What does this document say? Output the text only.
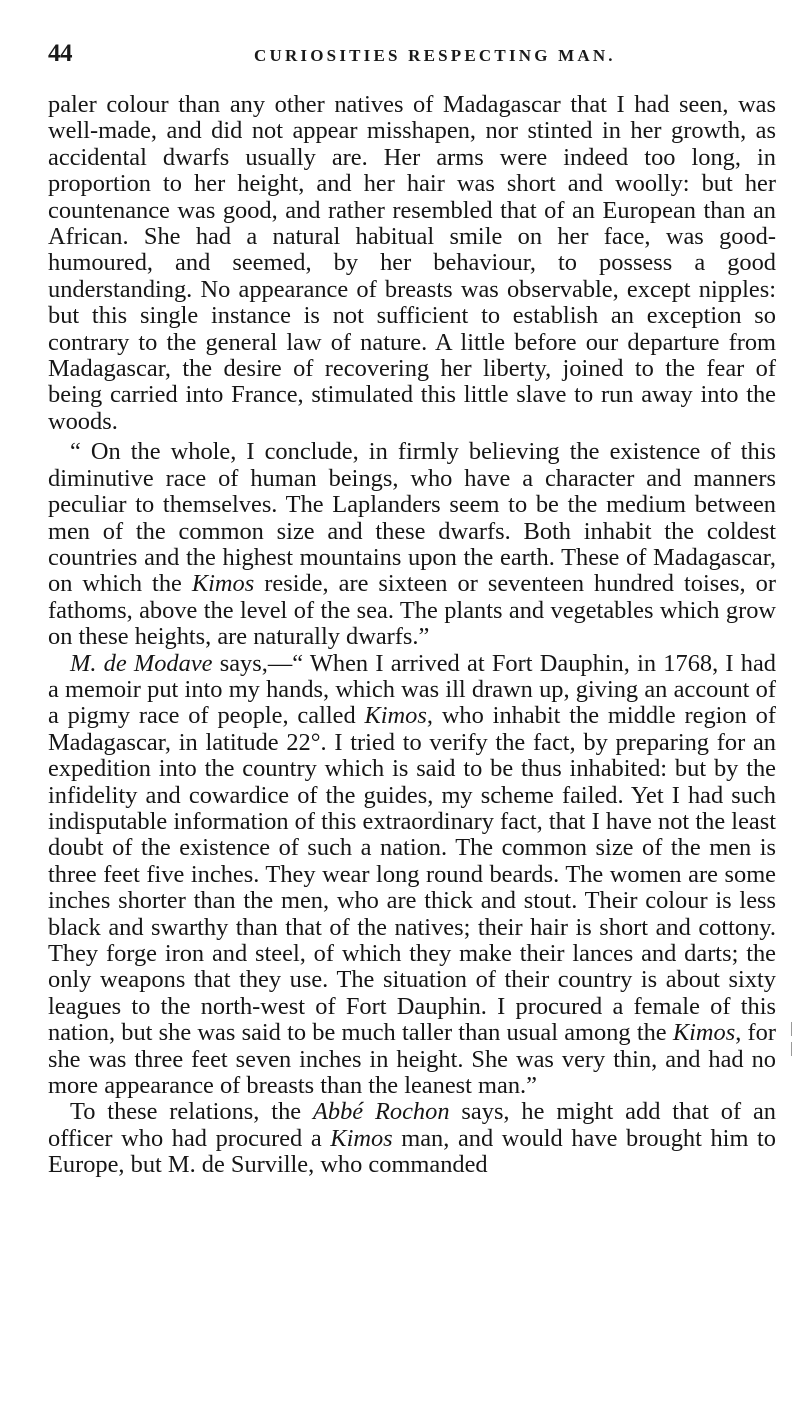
44	CURIOSITIES RESPECTING MAN.

paler colour than any other natives of Madagascar that I had seen, was well-made, and did not appear misshapen, nor stinted in her growth, as accidental dwarfs usually are. Her arms were indeed too long, in proportion to her height, and her hair was short and woolly: but her countenance was good, and rather resembled that of an European than an African. She had a natural habitual smile on her face, was good-humoured, and seemed, by her behaviour, to possess a good understanding. No appearance of breasts was observable, except nipples: but this single instance is not sufficient to establish an exception so contrary to the general law of nature. A little before our departure from Madagascar, the desire of recovering her liberty, joined to the fear of being carried into France, stimulated this little slave to run away into the woods.

“ On the whole, I conclude, in firmly believing the existence of this diminutive race of human beings, who have a character and manners peculiar to themselves. The Laplanders seem to be the medium between men of the common size and these dwarfs. Both inhabit the coldest countries and the highest mountains upon the earth. These of Madagascar, on which the Kimos reside, are sixteen or seventeen hundred toises, or fathoms, above the level of the sea. The plants and vegetables which grow on these heights, are naturally dwarfs.”

M. de Modave says,—“ When I arrived at Fort Dauphin, in 1768, I had a memoir put into my hands, which was ill drawn up, giving an account of a pigmy race of people, called Kimos, who inhabit the middle region of Madagascar, in latitude 22°. I tried to verify the fact, by preparing for an expedition into the country which is said to be thus inhabited: but by the infidelity and cowardice of the guides, my scheme failed. Yet I had such indisputable information of this extraordinary fact, that I have not the least doubt of the existence of such a nation. The common size of the men is three feet five inches. They wear long round beards. The women are some inches shorter than the men, who are thick and stout. Their colour is less black and swarthy than that of the natives; their hair is short and cottony. They forge iron and steel, of which they make their lances and darts; the only weapons that they use. The situation of their country is about sixty leagues to the north-west of Fort Dauphin. I procured a female of this nation, but she was said to be much taller than usual among the Kimos, for she was three feet seven inches in height. She was very thin, and had no more appearance of breasts than the leanest man.”

To these relations, the Abbé Rochon says, he might add that of an officer who had procured a Kimos man, and would have brought him to Europe, but M. de Surville, who commanded
